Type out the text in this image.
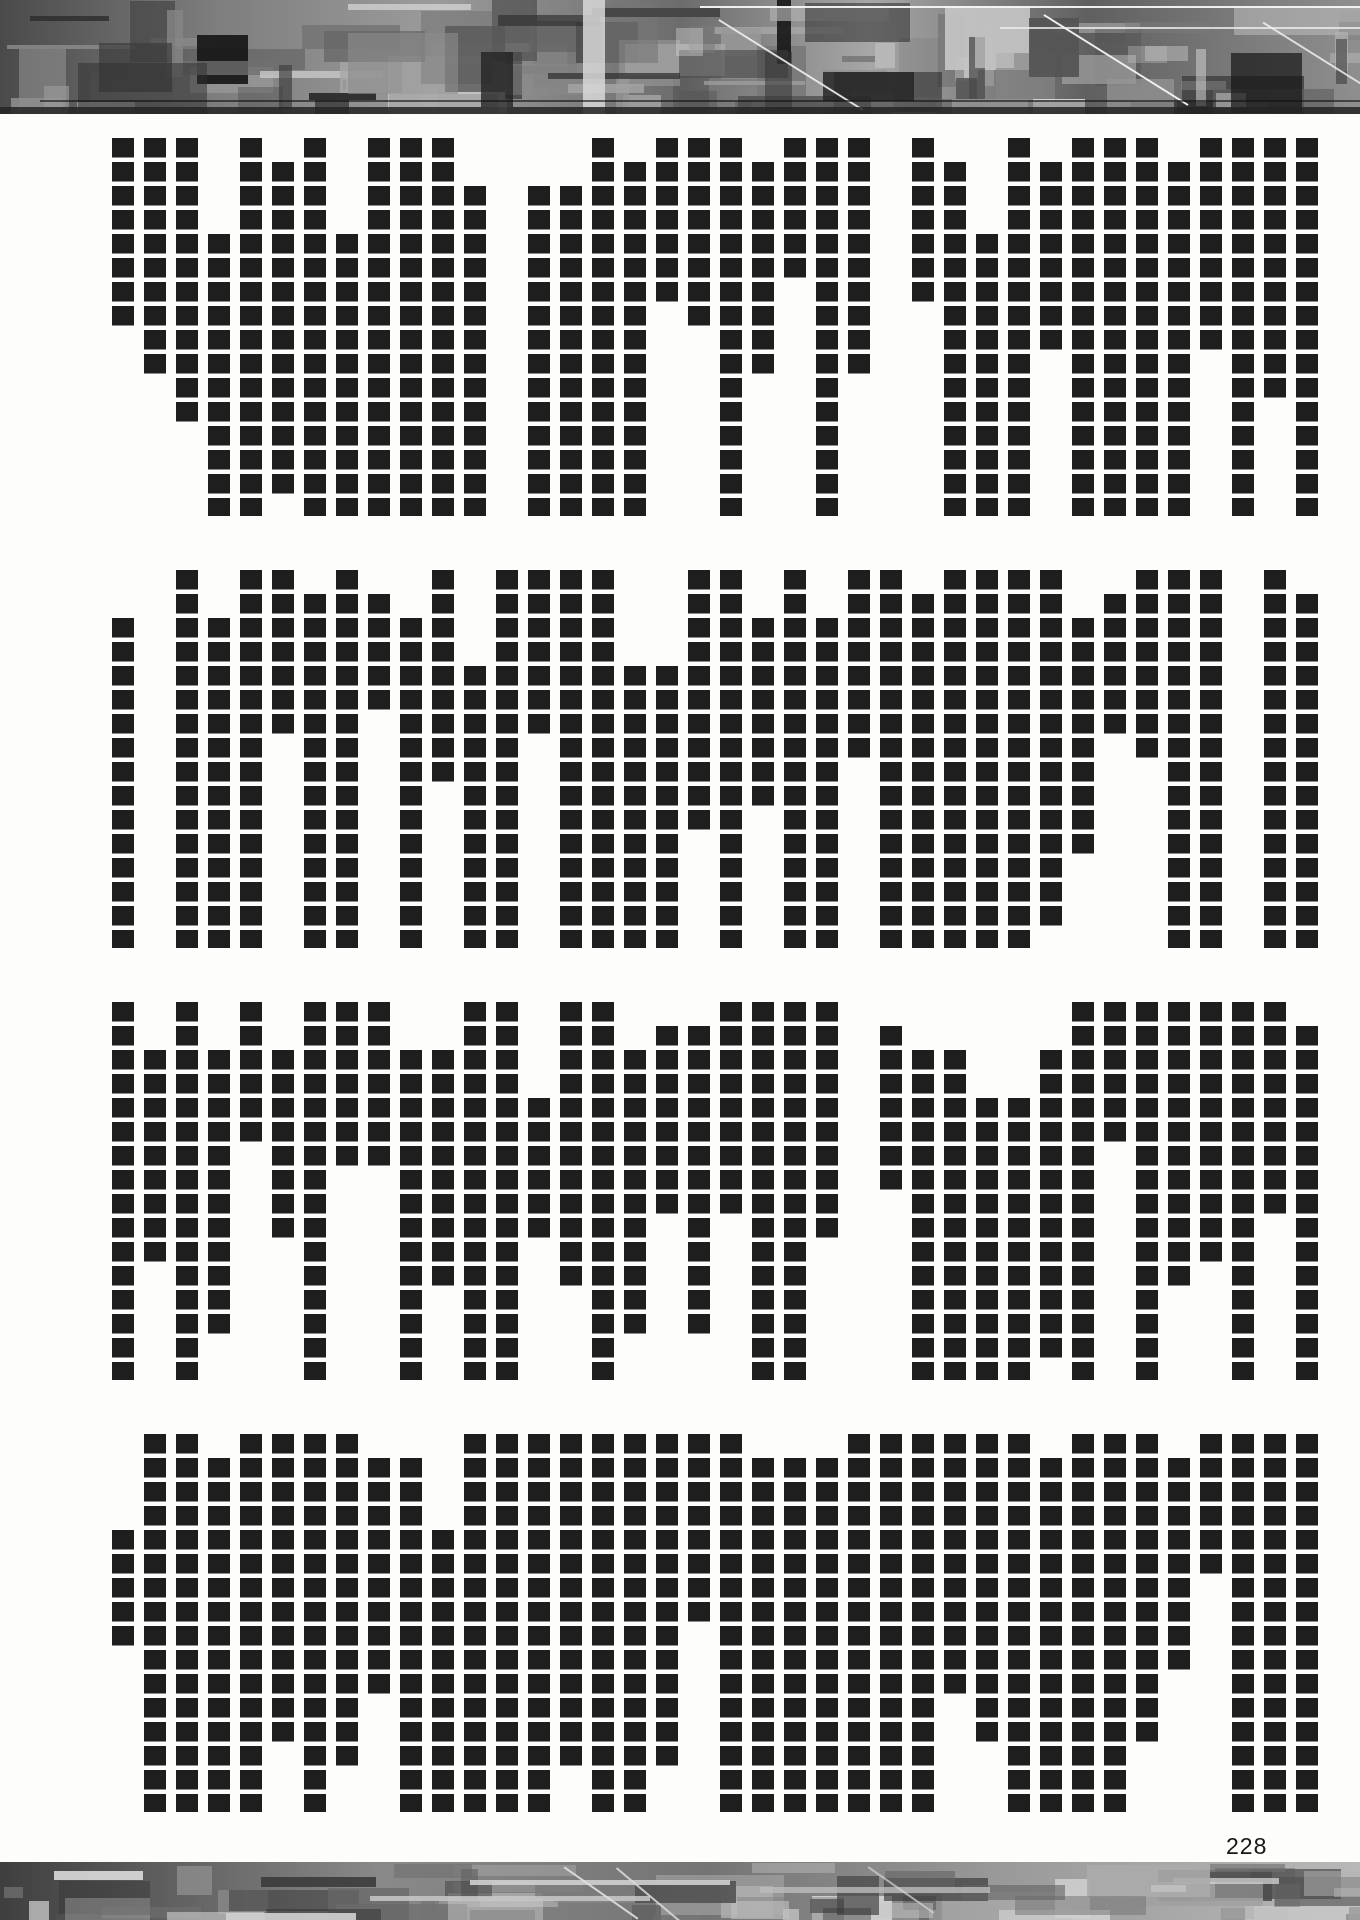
228
